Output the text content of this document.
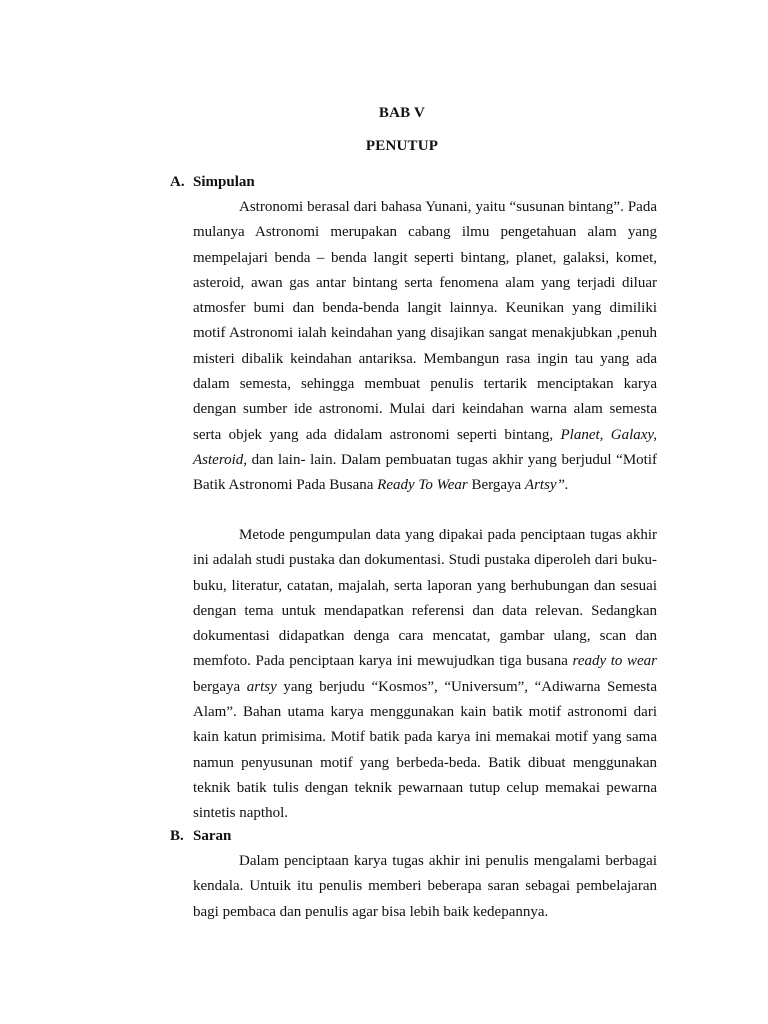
BAB V
PENUTUP
A. Simpulan

Astronomi berasal dari bahasa Yunani, yaitu “susunan bintang”. Pada mulanya Astronomi merupakan cabang ilmu pengetahuan alam yang mempelajari benda – benda langit seperti bintang, planet, galaksi, komet, asteroid, awan gas antar bintang serta fenomena alam yang terjadi diluar atmosfer bumi dan benda-benda langit lainnya. Keunikan yang dimiliki motif Astronomi ialah keindahan yang disajikan sangat menakjubkan ,penuh misteri dibalik keindahan antariksa. Membangun rasa ingin tau yang ada dalam semesta, sehingga membuat penulis tertarik menciptakan karya dengan sumber ide astronomi. Mulai dari keindahan warna alam semesta serta objek yang ada didalam astronomi seperti bintang, Planet, Galaxy, Asteroid, dan lain- lain. Dalam pembuatan tugas akhir yang berjudul “Motif Batik Astronomi Pada Busana Ready To Wear Bergaya Artsy”.

Metode pengumpulan data yang dipakai pada penciptaan tugas akhir ini adalah studi pustaka dan dokumentasi. Studi pustaka diperoleh dari buku-buku, literatur, catatan, majalah, serta laporan yang berhubungan dan sesuai dengan tema untuk mendapatkan referensi dan data relevan. Sedangkan dokumentasi didapatkan denga cara mencatat, gambar ulang, scan dan memfoto. Pada penciptaan karya ini mewujudkan tiga busana ready to wear bergaya artsy yang berjudu “Kosmos”, “Universum”, “Adiwarna Semesta Alam”. Bahan utama karya menggunakan kain batik motif astronomi dari kain katun primisima. Motif batik pada karya ini memakai motif yang sama namun penyusunan motif yang berbeda-beda. Batik dibuat menggunakan teknik batik tulis dengan teknik pewarnaan tutup celup memakai pewarna sintetis napthol.

B. Saran

Dalam penciptaan karya tugas akhir ini penulis mengalami berbagai kendala. Untuik itu penulis memberi beberapa saran sebagai pembelajaran bagi pembaca dan penulis agar bisa lebih baik kedepannya.
